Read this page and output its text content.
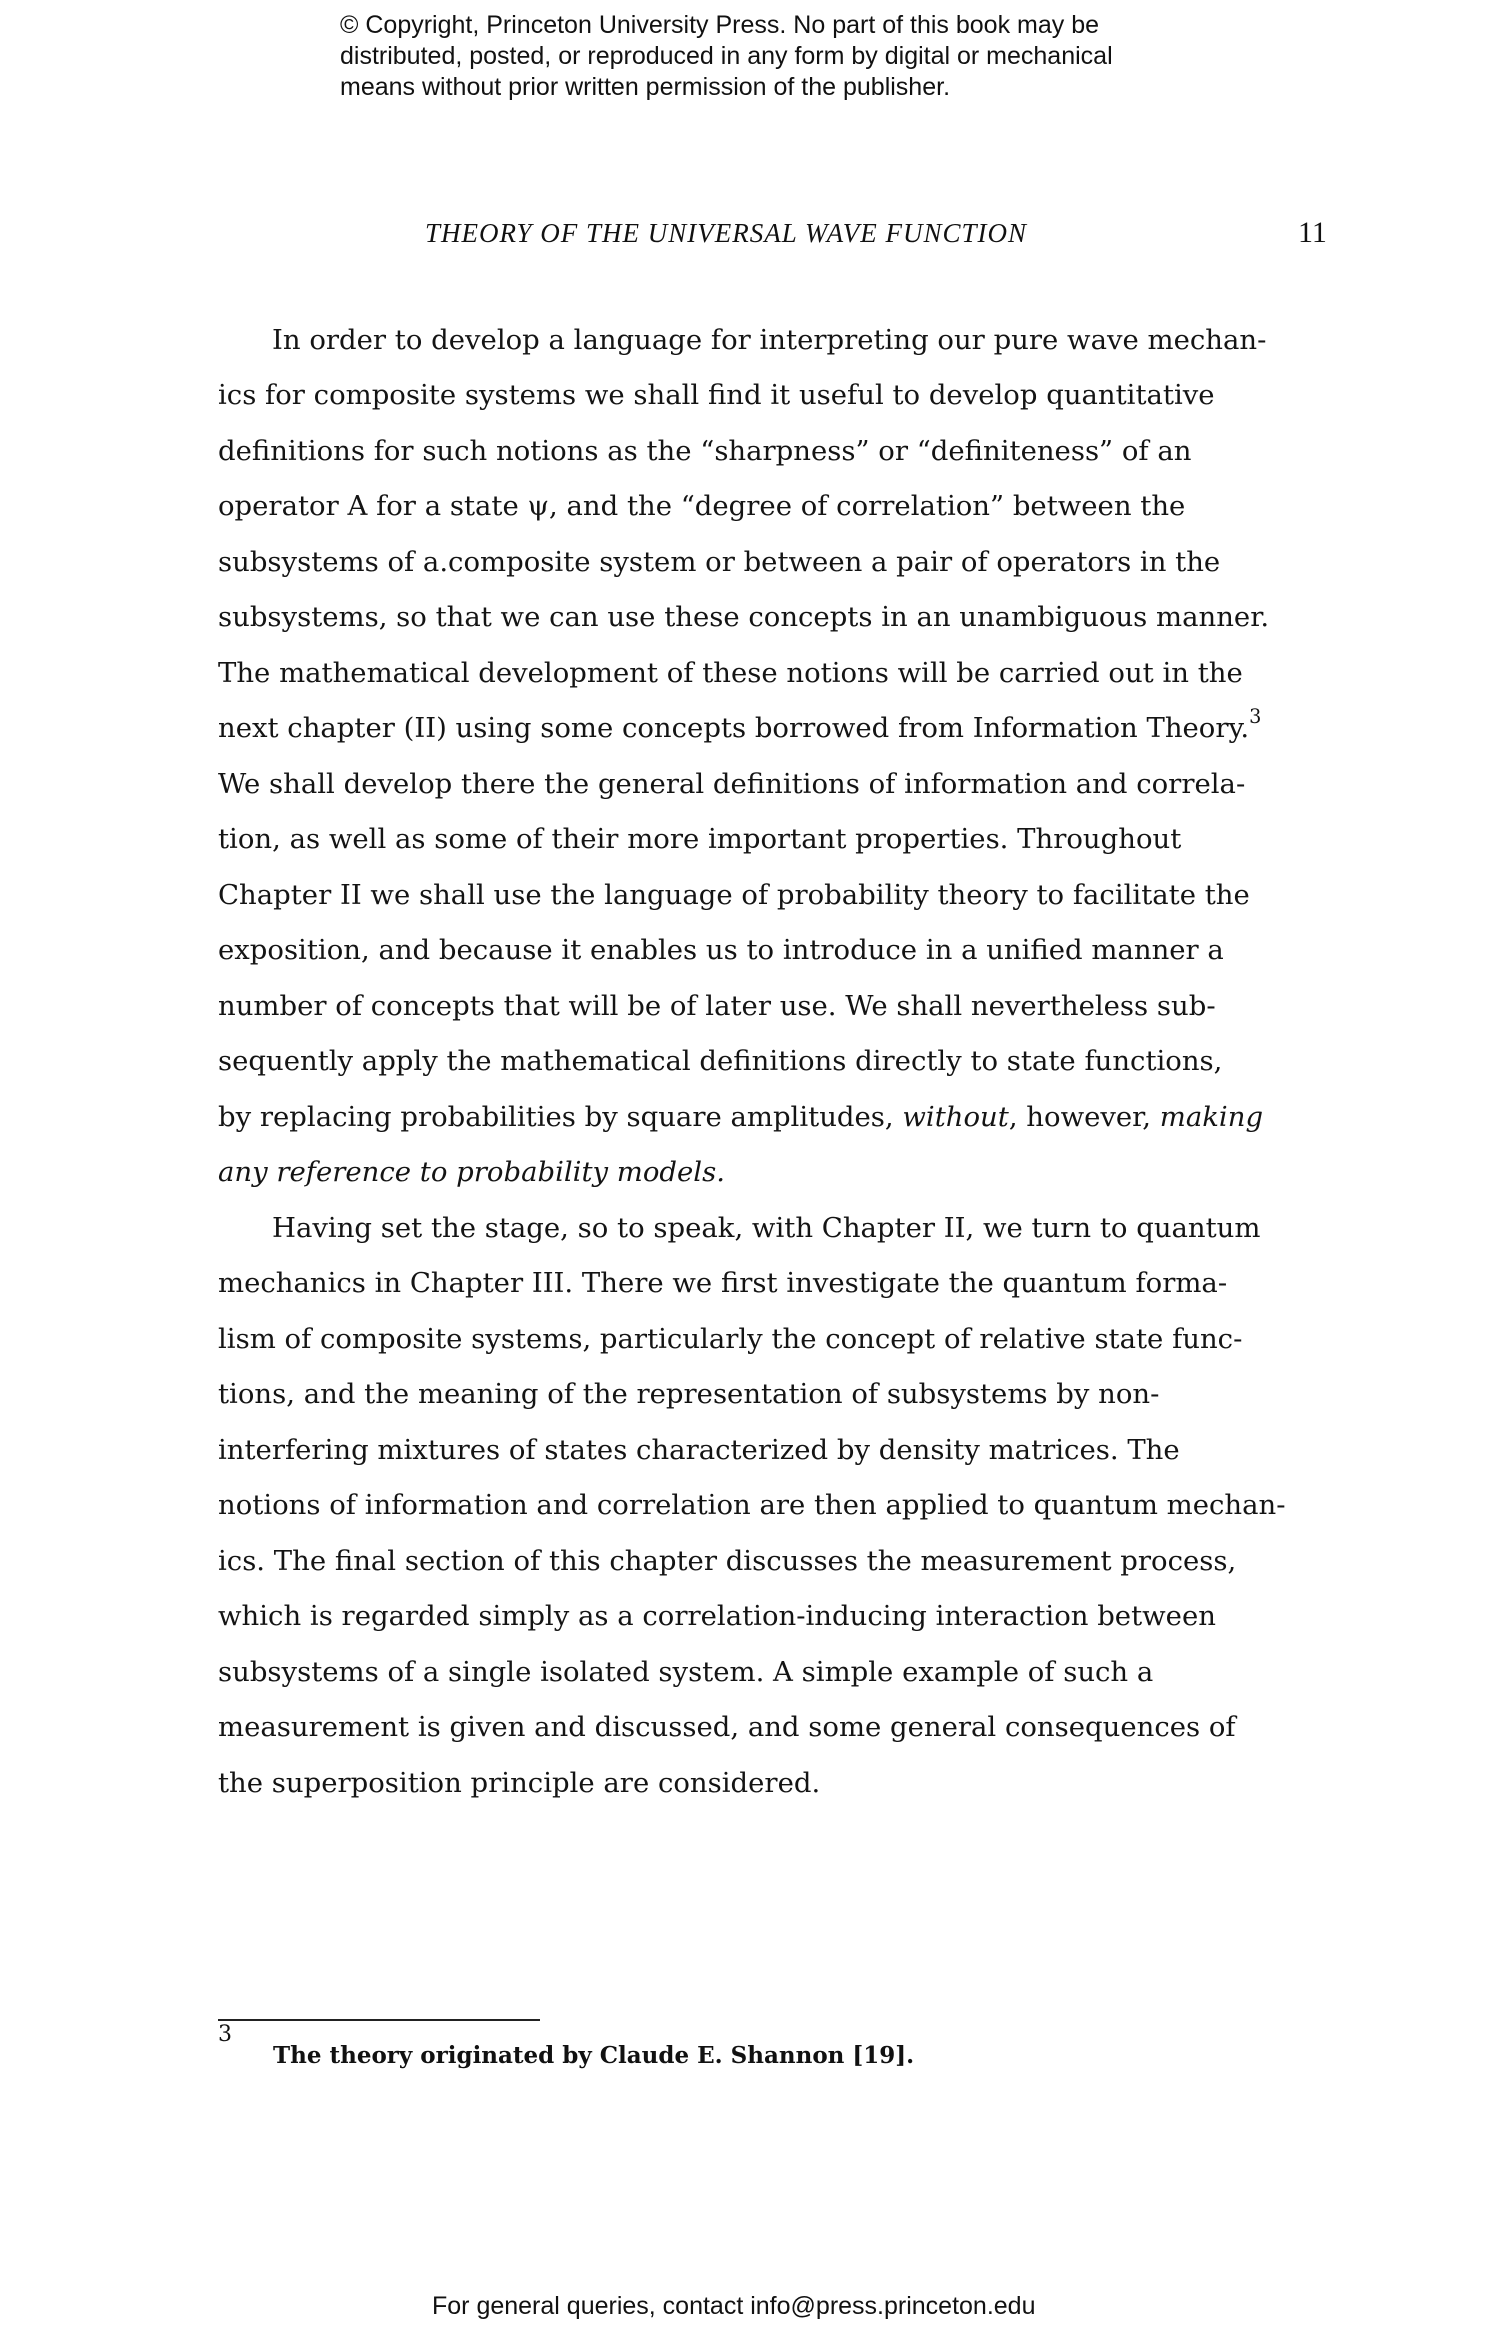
© Copyright, Princeton University Press. No part of this book may be
distributed, posted, or reproduced in any form by digital or mechanical
means without prior written permission of the publisher.
THEORY OF THE UNIVERSAL WAVE FUNCTION	11
In order to develop a language for interpreting our pure wave mechan-
ics for composite systems we shall find it useful to develop quantitative
definitions for such notions as the “sharpness” or “definiteness” of an
operator A for a state ψ, and the “degree of correlation” between the
subsystems of a.composite system or between a pair of operators in the
subsystems, so that we can use these concepts in an unambiguous manner.
The mathematical development of these notions will be carried out in the
next chapter (II) using some concepts borrowed from Information Theory.$^3$
We shall develop there the general definitions of information and correla-
tion, as well as some of their more important properties. Throughout
Chapter II we shall use the language of probability theory to facilitate the
exposition, and because it enables us to introduce in a unified manner a
number of concepts that will be of later use. We shall nevertheless sub-
sequently apply the mathematical definitions directly to state functions,
by replacing probabilities by square amplitudes, without, however, making
any reference to probability models.
Having set the stage, so to speak, with Chapter II, we turn to quantum
mechanics in Chapter III. There we first investigate the quantum forma-
lism of composite systems, particularly the concept of relative state func-
tions, and the meaning of the representation of subsystems by non-
interfering mixtures of states characterized by density matrices. The
notions of information and correlation are then applied to quantum mechan-
ics. The final section of this chapter discusses the measurement process,
which is regarded simply as a correlation-inducing interaction between
subsystems of a single isolated system. A simple example of such a
measurement is given and discussed, and some general consequences of
the superposition principle are considered.
3
The theory originated by Claude E. Shannon [19].
For general queries, contact info@press.princeton.edu
